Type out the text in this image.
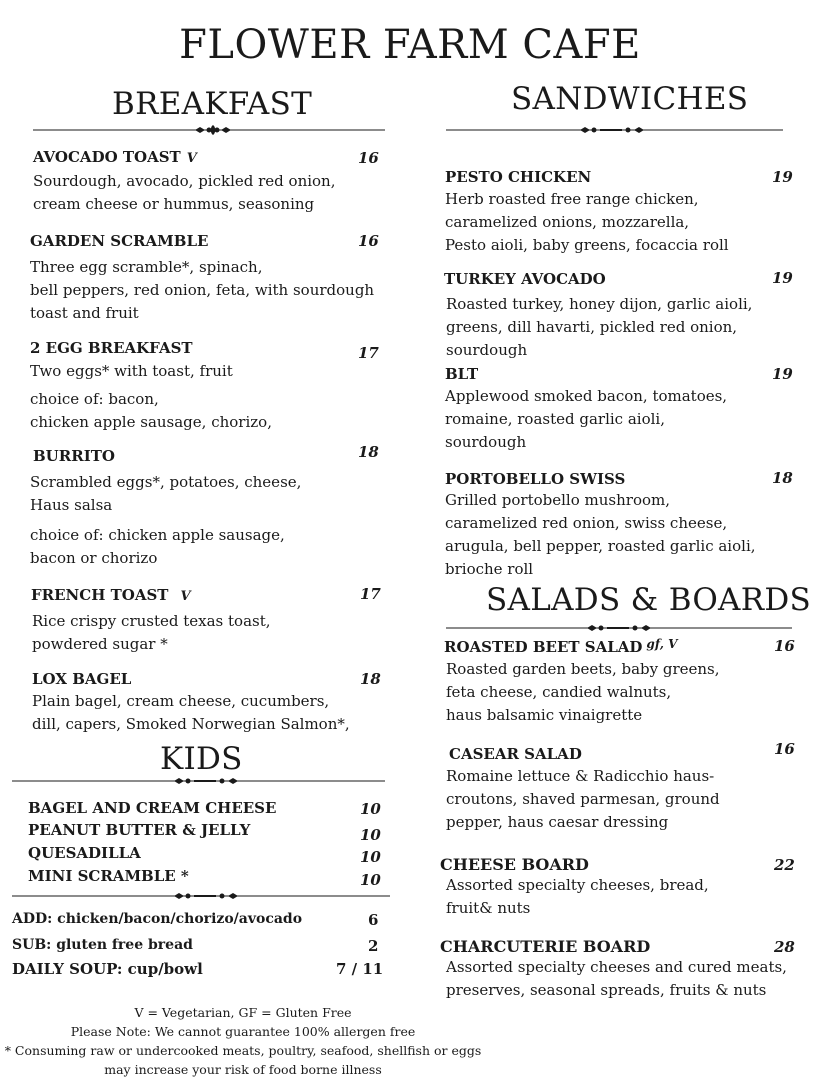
FLOWER FARM CAFE
BREAKFAST
AVOCADO TOAST V	16
Sourdough, avocado, pickled red onion,
cream cheese or hummus, seasoning
GARDEN SCRAMBLE	16
Three egg scramble*, spinach,
bell peppers, red onion, feta, with sourdough
toast and fruit
2 EGG BREAKFAST	17
Two eggs* with toast, fruit
choice of: bacon,
chicken apple sausage, chorizo,
BURRITO	18
Scrambled eggs*, potatoes, cheese,
Haus salsa
choice of: chicken apple sausage,
bacon or chorizo
FRENCH TOAST V	17
Rice crispy crusted texas toast,
powdered sugar *
LOX BAGEL	18
Plain bagel, cream cheese, cucumbers,
dill, capers, Smoked Norwegian Salmon*,
KIDS
BAGEL AND CREAM CHEESE	10
PEANUT BUTTER & JELLY	10
QUESADILLA	10
MINI SCRAMBLE *	10
ADD: chicken/bacon/chorizo/avocado	6
SUB: gluten free bread	2
DAILY SOUP: cup/bowl	7 / 11
V = Vegetarian, GF = Gluten Free
Please Note: We cannot guarantee 100% allergen free
* Consuming raw or undercooked meats, poultry, seafood, shellfish or eggs
may increase your risk of food borne illness
SANDWICHES
PESTO CHICKEN	19
Herb roasted free range chicken,
caramelized onions, mozzarella,
Pesto aioli, baby greens, focaccia roll
TURKEY AVOCADO	19
Roasted turkey, honey dijon, garlic aioli,
greens, dill havarti, pickled red onion,
sourdough
BLT	19
Applewood smoked bacon, tomatoes,
romaine, roasted garlic aioli,
sourdough
PORTOBELLO SWISS	18
Grilled portobello mushroom,
caramelized red onion, swiss cheese,
arugula, bell pepper, roasted garlic aioli,
brioche roll
SALADS & BOARDS
ROASTED BEET SALAD $^{gf, V}$	16
Roasted garden beets, baby greens,
feta cheese, candied walnuts,
haus balsamic vinaigrette
CASEAR SALAD	16
Romaine lettuce & Radicchio haus-
croutons, shaved parmesan, ground
pepper, haus caesar dressing
CHEESE BOARD	22
Assorted specialty cheeses, bread,
fruit& nuts
CHARCUTERIE BOARD	28
Assorted specialty cheeses and cured meats,
preserves, seasonal spreads, fruits & nuts
